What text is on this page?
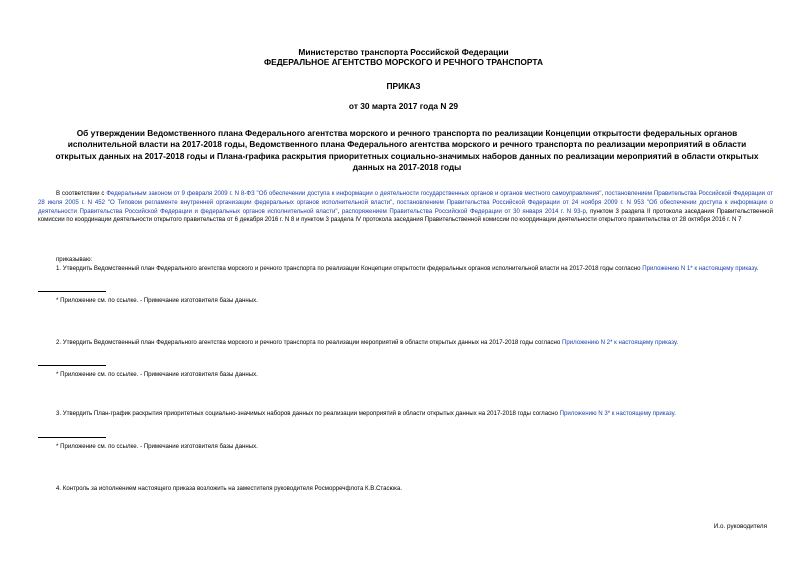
Министерство транспорта Российской Федерации
ФЕДЕРАЛЬНОЕ АГЕНТСТВО МОРСКОГО И РЕЧНОГО ТРАНСПОРТА
ПРИКАЗ
от 30 марта 2017 года N 29
Об утверждении Ведомственного плана Федерального агентства морского и речного транспорта по реализации Концепции открытости федеральных органов исполнительной власти на 2017-2018 годы, Ведомственного плана Федерального агентства морского и речного транспорта по реализации мероприятий в области открытых данных на 2017-2018 годы и Плана-графика раскрытия приоритетных социально-значимых наборов данных по реализации мероприятий в области открытых данных на 2017-2018 годы
В соответствии с Федеральным законом от 9 февраля 2009 г. N 8-ФЗ "Об обеспечении доступа к информации о деятельности государственных органов и органов местного самоуправления", постановлением Правительства Российской Федерации от 28 июля 2005 г. N 452 "О Типовом регламенте внутренней организации федеральных органов исполнительной власти", постановлением Правительства Российской Федерации от 24 ноября 2009 г. N 953 "Об обеспечении доступа к информации о деятельности Правительства Российской Федерации и федеральных органов исполнительной власти", распоряжением Правительства Российской Федерации от 30 января 2014 г. N 93-р, пунктом 3 раздела II протокола заседания Правительственной комиссии по координации деятельности открытого правительства от 6 декабря 2016 г. N 8 и пунктом 3 раздела IV протокола заседания Правительственной комиссии по координации деятельности открытого правительства от 28 октября 2016 г. N 7
приказываю:
1. Утвердить Ведомственный план Федерального агентства морского и речного транспорта по реализации Концепции открытости федеральных органов исполнительной власти на 2017-2018 годы согласно Приложению N 1* к настоящему приказу.
* Приложение см. по ссылке. - Примечание изготовителя базы данных.
2. Утвердить Ведомственный план Федерального агентства морского и речного транспорта по реализации мероприятий в области открытых данных на 2017-2018 годы согласно Приложению N 2* к настоящему приказу.
* Приложение см. по ссылке. - Примечание изготовителя базы данных.
3. Утвердить План-график раскрытия приоритетных социально-значимых наборов данных по реализации мероприятий в области открытых данных на 2017-2018 годы согласно Приложению N 3* к настоящему приказу.
* Приложение см. по ссылке. - Примечание изготовителя базы данных.
4. Контроль за исполнением настоящего приказа возложить на заместителя руководителя Росморречфлота К.В.Стасюка.
И.о. руководителя
